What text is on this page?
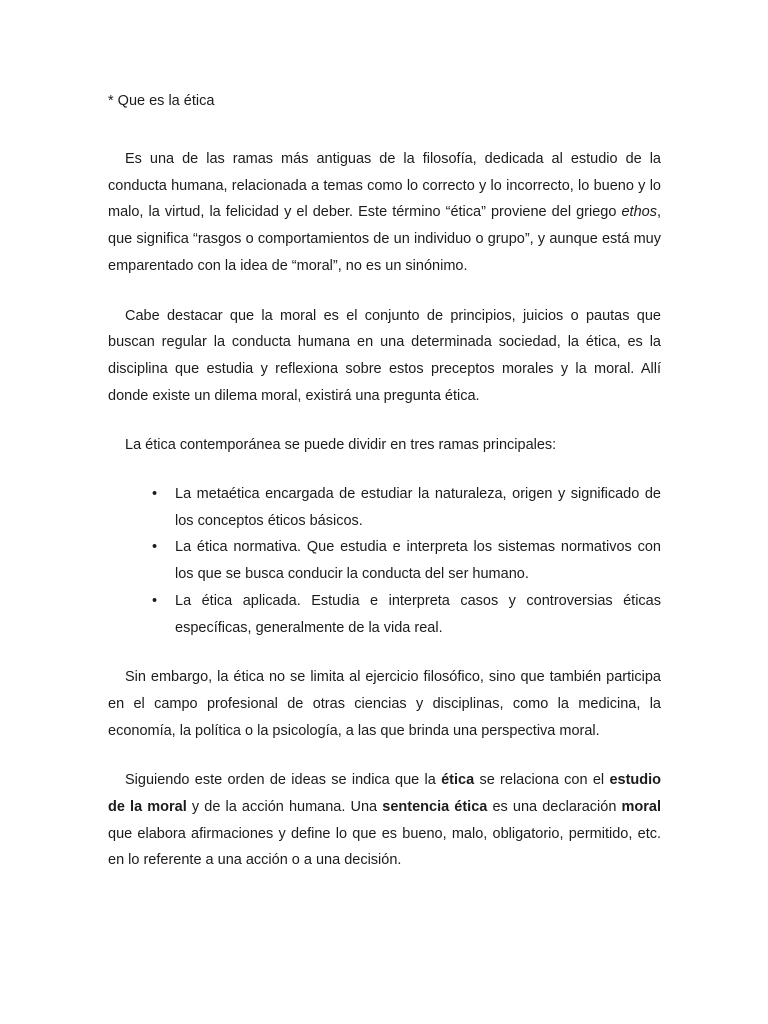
* Que es la ética

Es una de las ramas más antiguas de la filosofía, dedicada al estudio de la conducta humana, relacionada a temas como lo correcto y lo incorrecto, lo bueno y lo malo, la virtud, la felicidad y el deber. Este término “ética” proviene del griego ethos, que significa “rasgos o comportamientos de un individuo o grupo”, y aunque está muy emparentado con la idea de “moral”, no es un sinónimo.

Cabe destacar que la moral es el conjunto de principios, juicios o pautas que buscan regular la conducta humana en una determinada sociedad, la ética, es la disciplina que estudia y reflexiona sobre estos preceptos morales y la moral. Allí donde existe un dilema moral, existirá una pregunta ética.

La ética contemporánea se puede dividir en tres ramas principales:

• La metaética encargada de estudiar la naturaleza, origen y significado de los conceptos éticos básicos.
• La ética normativa. Que estudia e interpreta los sistemas normativos con los que se busca conducir la conducta del ser humano.
• La ética aplicada. Estudia e interpreta casos y controversias éticas específicas, generalmente de la vida real.

Sin embargo, la ética no se limita al ejercicio filosófico, sino que también participa en el campo profesional de otras ciencias y disciplinas, como la medicina, la economía, la política o la psicología, a las que brinda una perspectiva moral.

Siguiendo este orden de ideas se indica que la ética se relaciona con el estudio de la moral y de la acción humana. Una sentencia ética es una declaración moral que elabora afirmaciones y define lo que es bueno, malo, obligatorio, permitido, etc. en lo referente a una acción o a una decisión.
